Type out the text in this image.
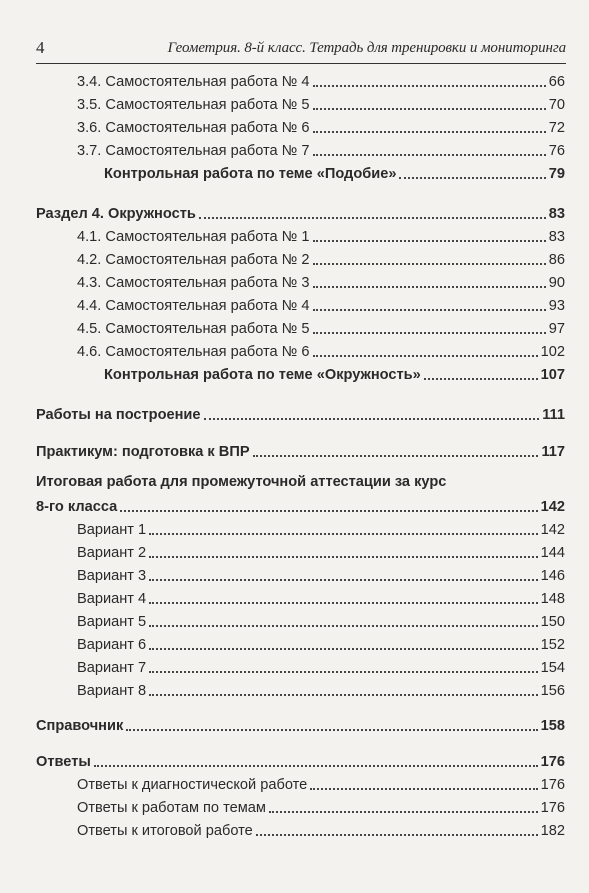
4	Геометрия. 8-й класс. Тетрадь для тренировки и мониторинга
3.4. Самостоятельная работа № 4	66
3.5. Самостоятельная работа № 5	70
3.6. Самостоятельная работа № 6	72
3.7. Самостоятельная работа № 7	76
Контрольная работа по теме «Подобие»	79
Раздел 4. Окружность	83
4.1. Самостоятельная работа № 1	83
4.2. Самостоятельная работа № 2	86
4.3. Самостоятельная работа № 3	90
4.4. Самостоятельная работа № 4	93
4.5. Самостоятельная работа № 5	97
4.6. Самостоятельная работа № 6	102
Контрольная работа по теме «Окружность»	107
Работы на построение	111
Практикум: подготовка к ВПР	117
Итоговая работа для промежуточной аттестации за курс
8-го класса	142
Вариант 1	142
Вариант 2	144
Вариант 3	146
Вариант 4	148
Вариант 5	150
Вариант 6	152
Вариант 7	154
Вариант 8	156
Справочник	158
Ответы	176
Ответы к диагностической работе	176
Ответы к работам по темам	176
Ответы к итоговой работе	182
